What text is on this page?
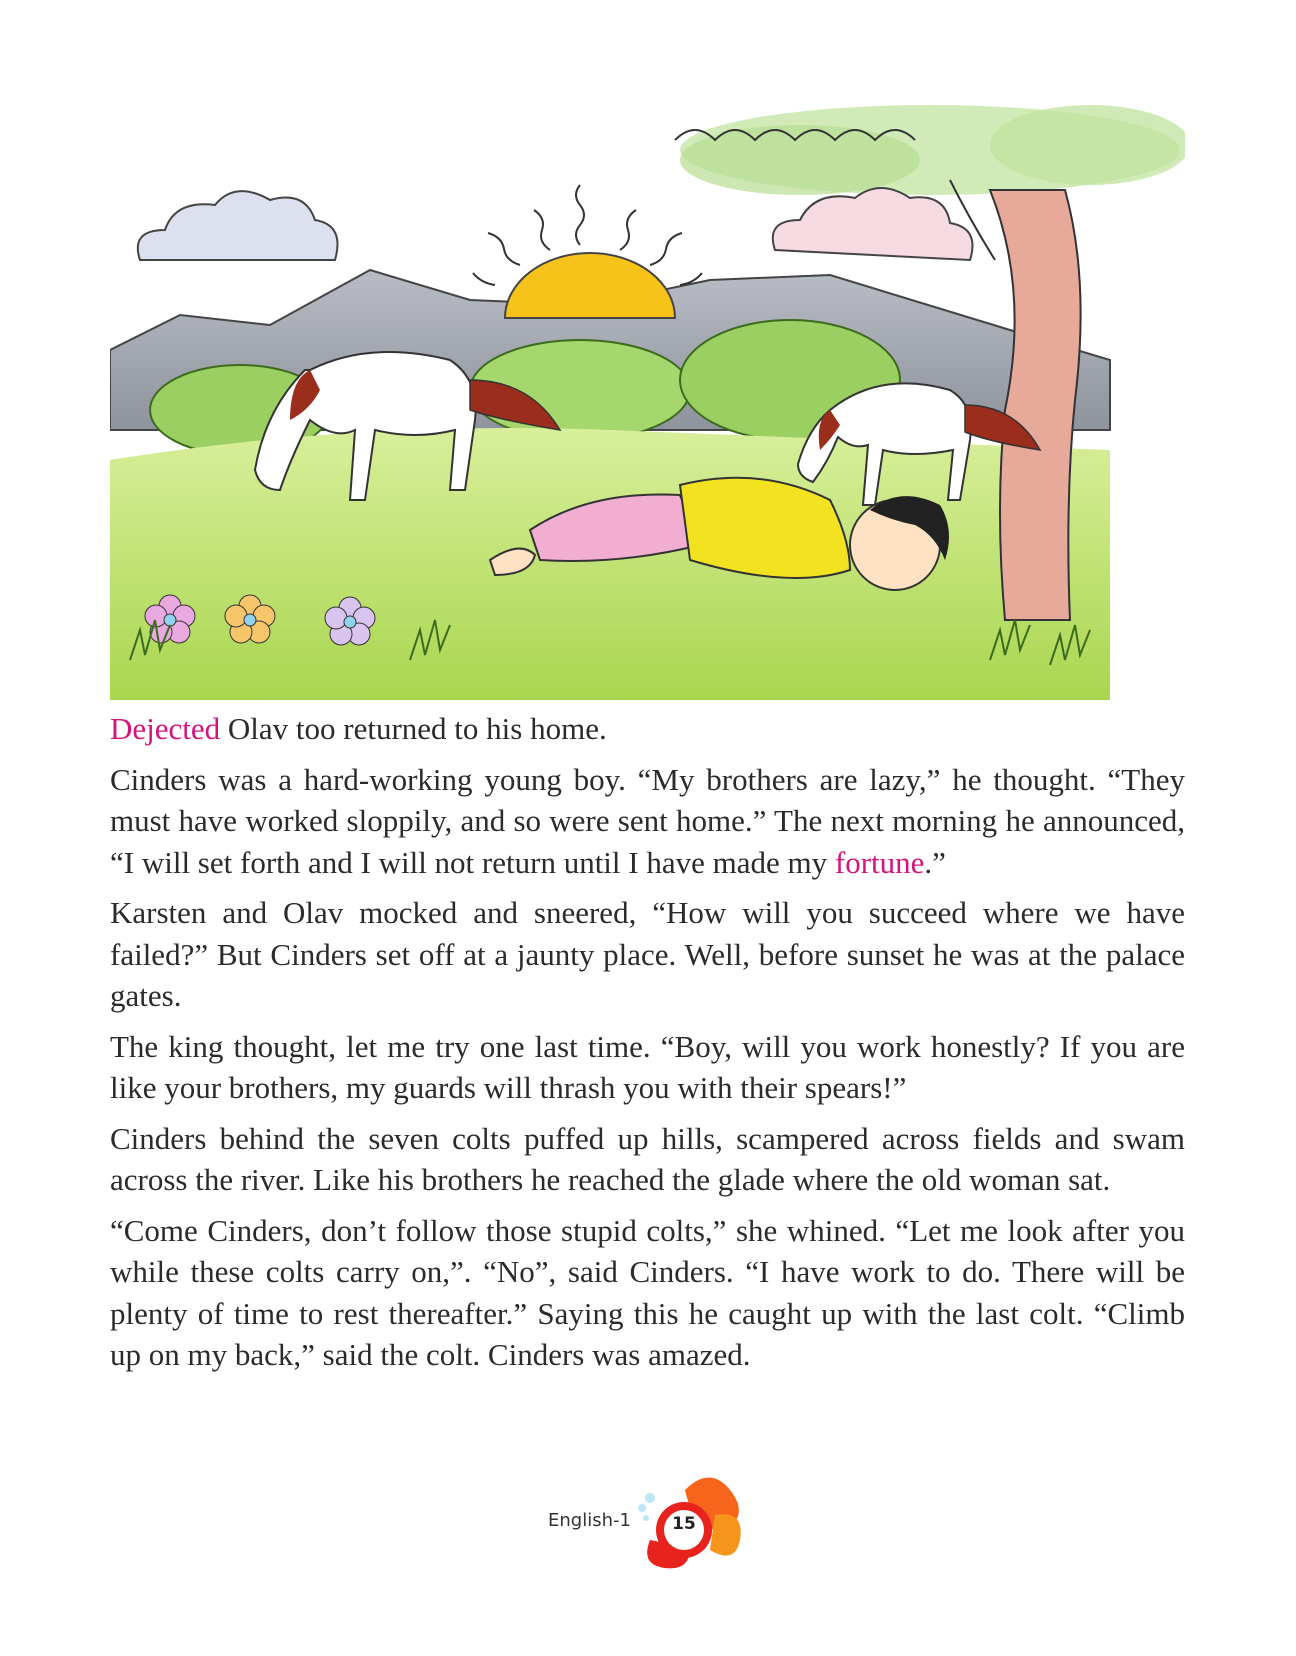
Dejected Olav too returned to his home.

Cinders was a hard-working young boy. “My brothers are lazy,” he thought. “They must have worked sloppily, and so were sent home.” The next morning he announced, “I will set forth and I will not return until I have made my fortune.”

Karsten and Olav mocked and sneered, “How will you succeed where we have failed?” But Cinders set off at a jaunty place. Well, before sunset he was at the palace gates.

The king thought, let me try one last time. “Boy, will you work honestly? If you are like your brothers, my guards will thrash you with their spears!”

Cinders behind the seven colts puffed up hills, scampered across fields and swam across the river. Like his brothers he reached the glade where the old woman sat.

“Come Cinders, don’t follow those stupid colts,” she whined. “Let me look after you while these colts carry on,”. “No”, said Cinders. “I have work to do. There will be plenty of time to rest thereafter.” Saying this he caught up with the last colt. “Climb up on my back,” said the colt. Cinders was amazed.

English-1	15
